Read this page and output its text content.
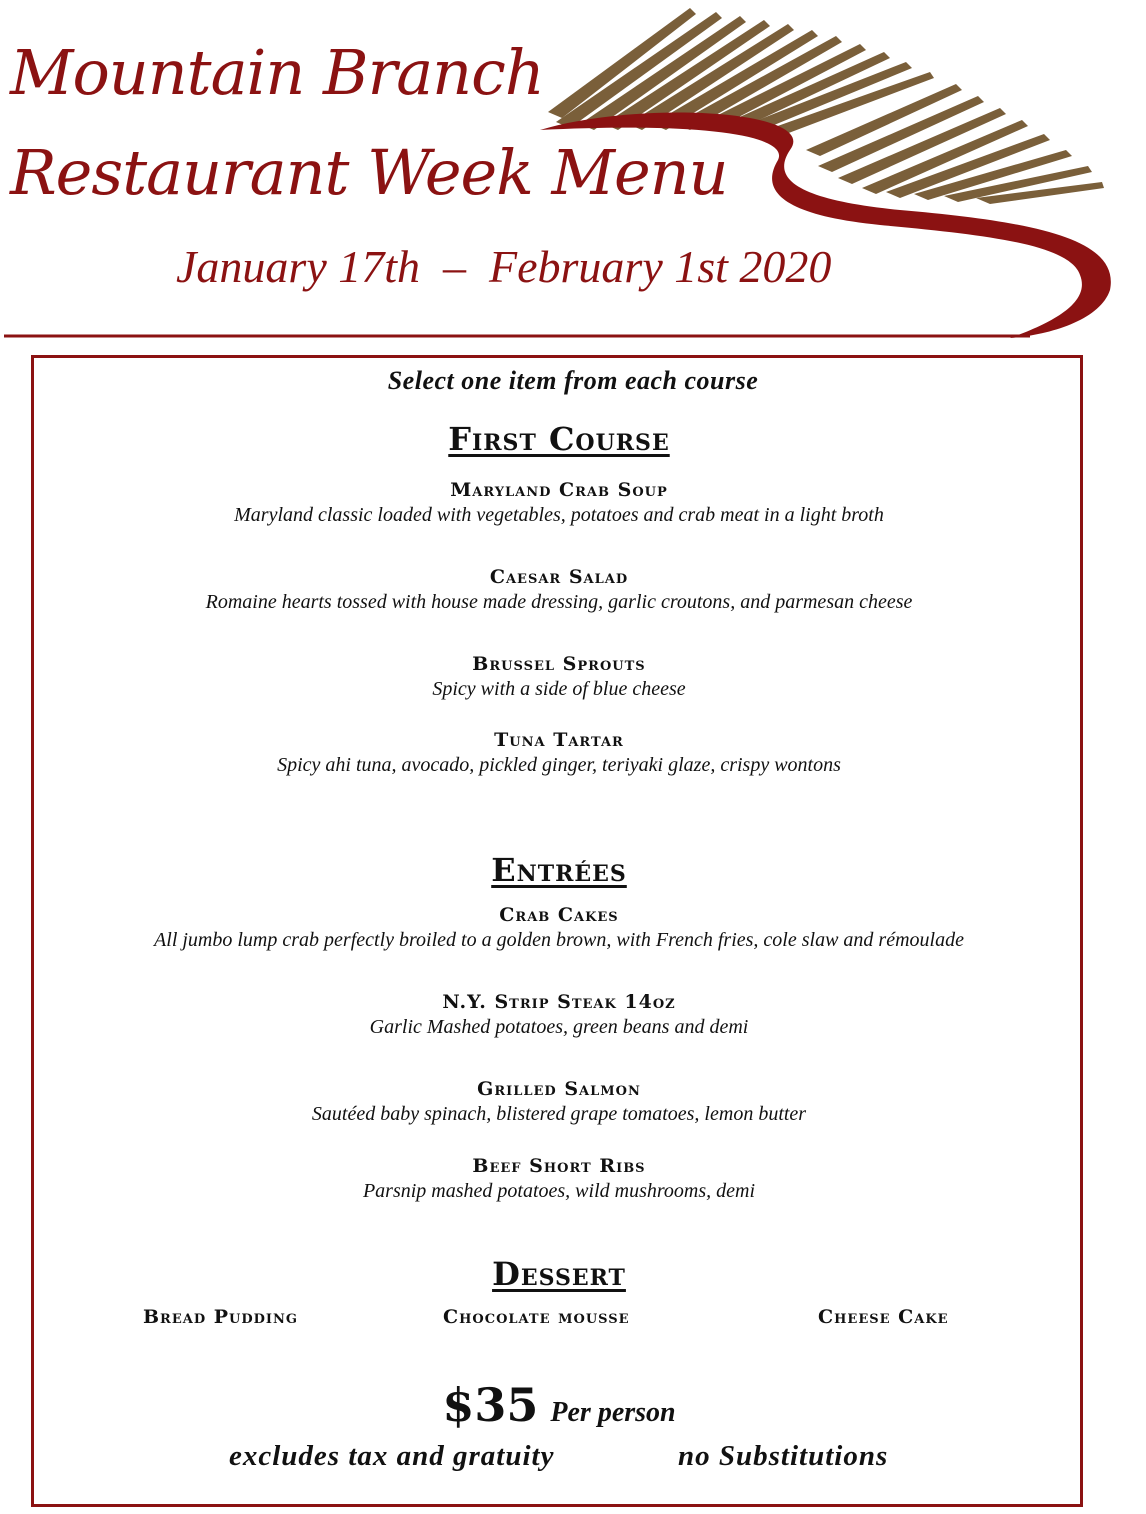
Mountain Branch
Restaurant Week Menu
January 17th  –  February 1st 2020
Select one item from each course
First Course
Maryland Crab Soup
Maryland classic loaded with vegetables, potatoes and crab meat in a light broth
Caesar Salad
Romaine hearts tossed with house made dressing, garlic croutons, and parmesan cheese
Brussel Sprouts
Spicy with a side of blue cheese
Tuna Tartar
Spicy ahi tuna, avocado, pickled ginger, teriyaki glaze, crispy wontons
Entrées
Crab Cakes
All jumbo lump crab perfectly broiled to a golden brown, with French fries, cole slaw and rémoulade
N.Y. Strip Steak 14oz
Garlic Mashed potatoes, green beans and demi
Grilled Salmon
Sautéed baby spinach, blistered grape tomatoes, lemon butter
Beef Short Ribs
Parsnip mashed potatoes, wild mushrooms, demi
Dessert
Bread Pudding	Chocolate mousse	Cheese Cake
$35 Per person
excludes tax and gratuity	no Substitutions
